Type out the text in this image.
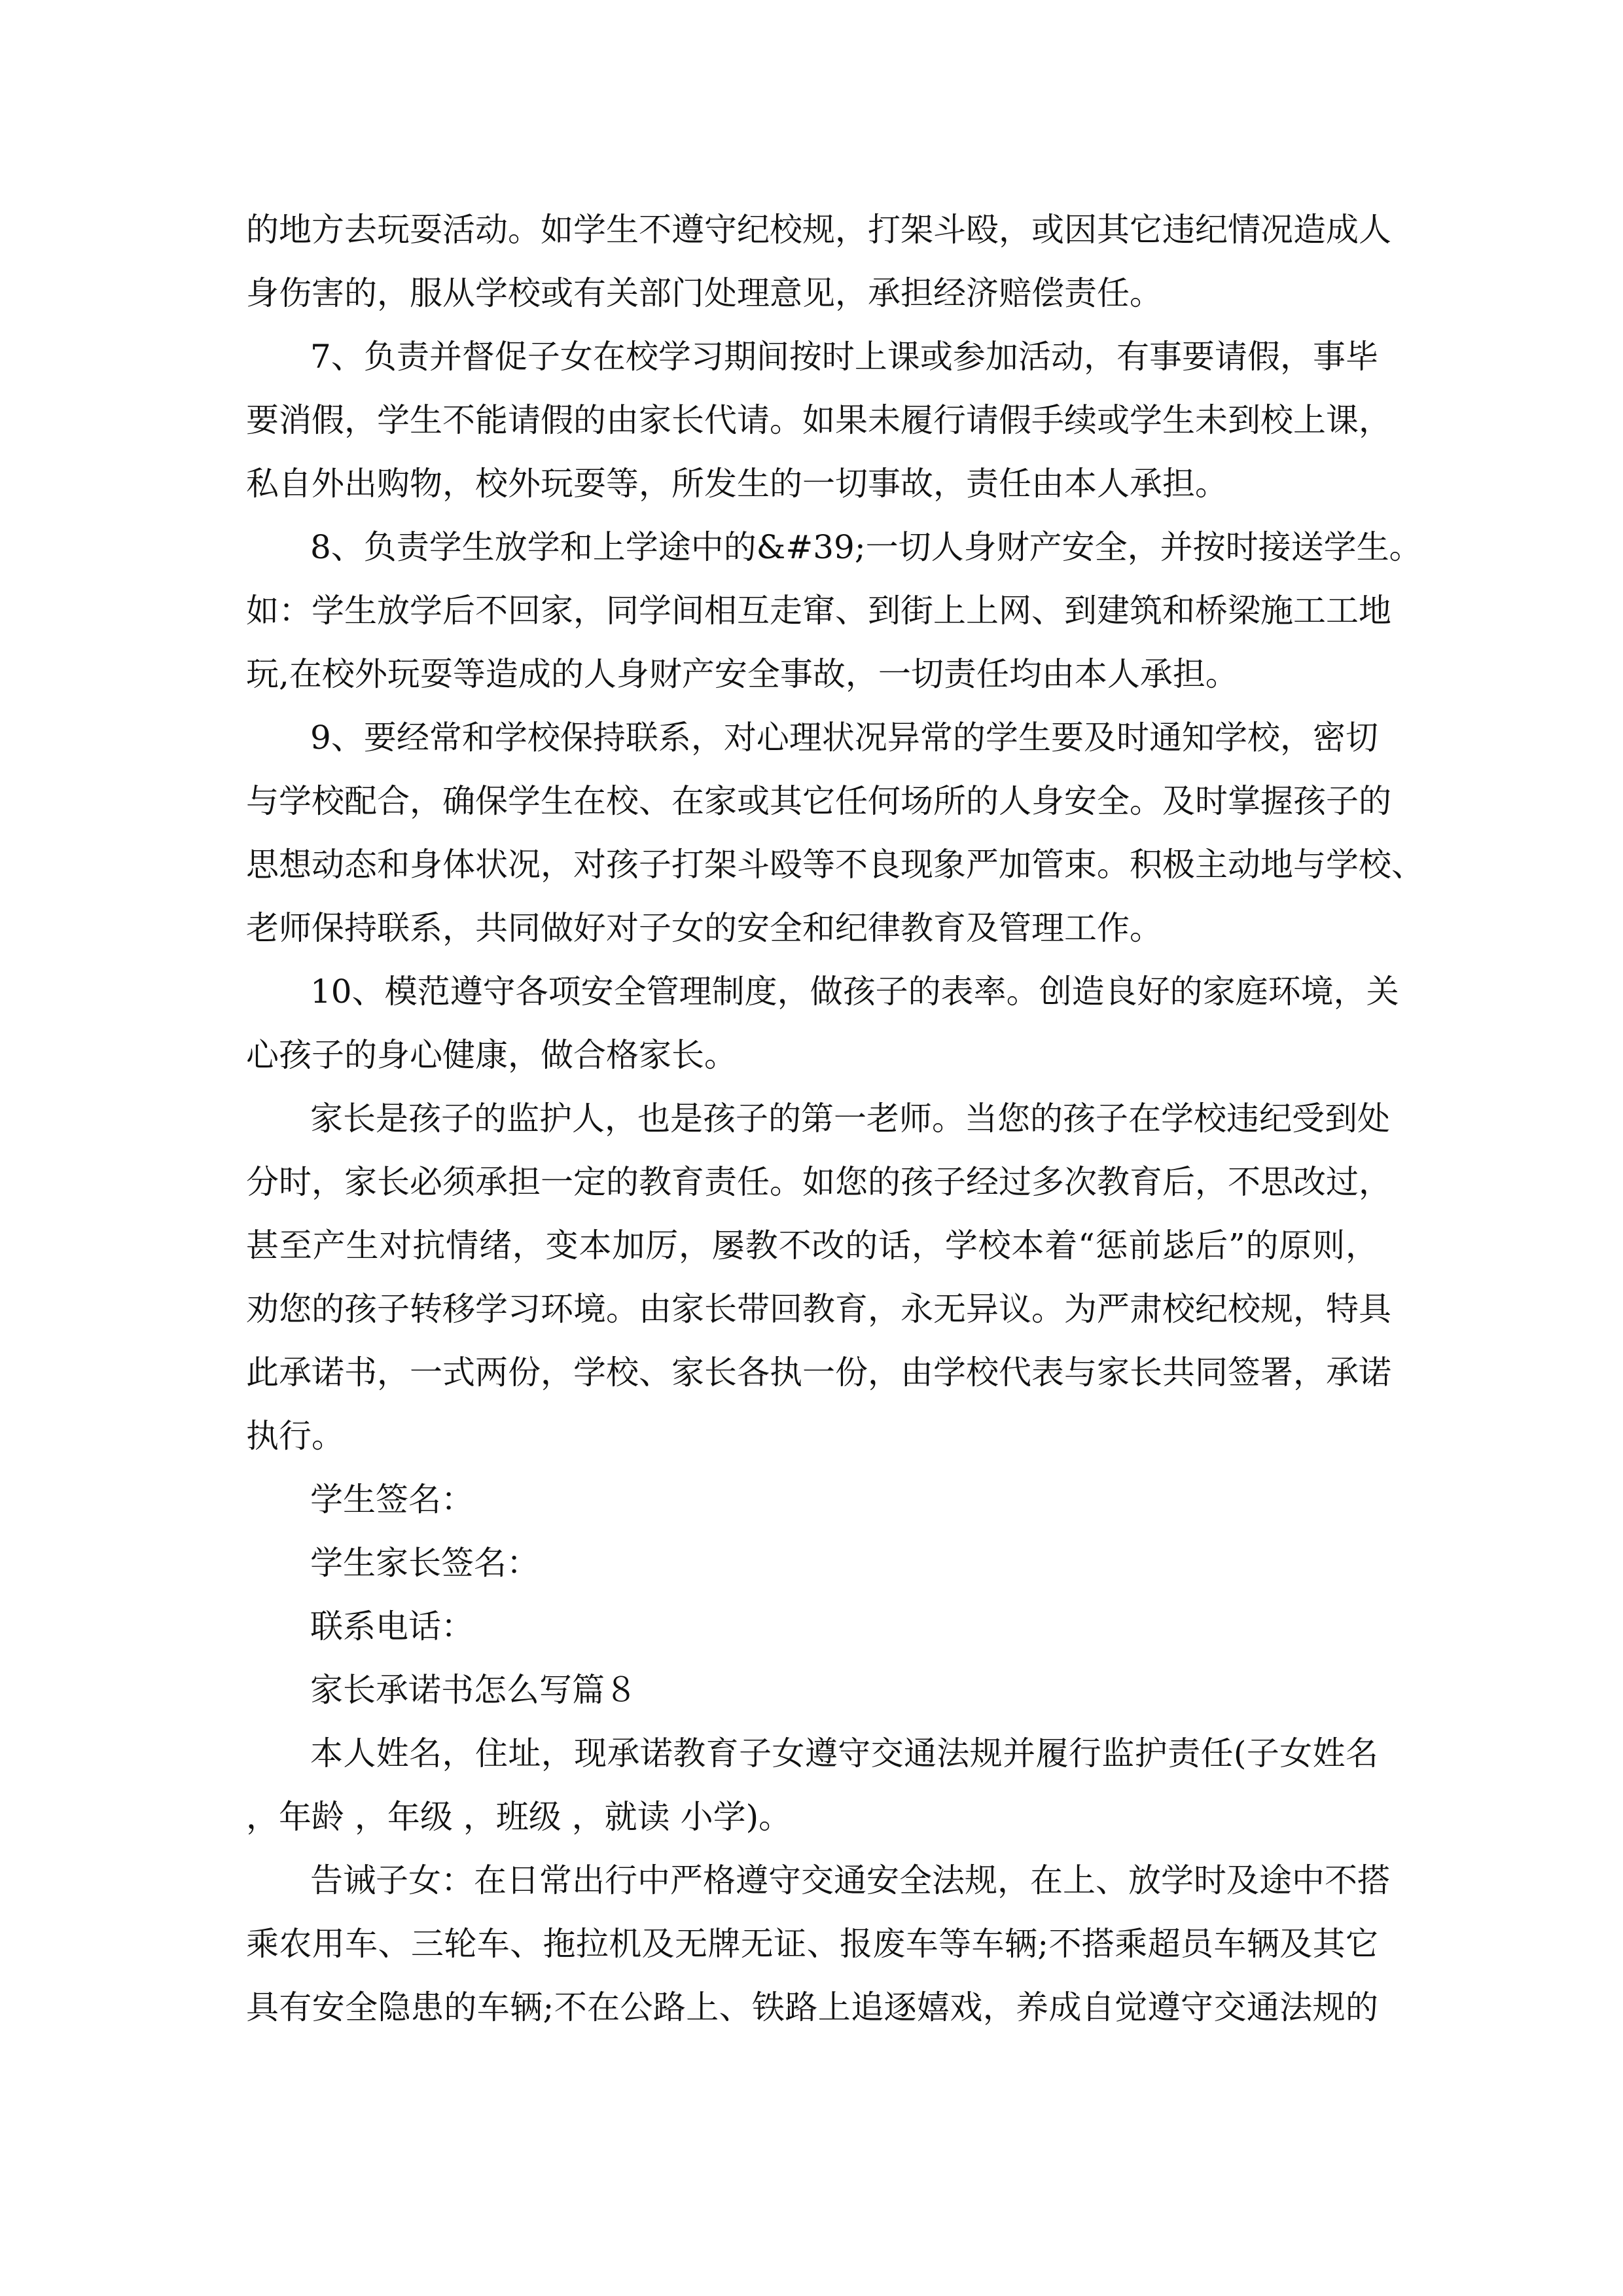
的地方去玩耍活动。如学生不遵守纪校规，打架斗殴，或因其它违纪情况造成人
身伤害的，服从学校或有关部门处理意见，承担经济赔偿责任。
7、负责并督促子女在校学习期间按时上课或参加活动，有事要请假，事毕
要消假，学生不能请假的由家长代请。如果未履行请假手续或学生未到校上课，
私自外出购物，校外玩耍等，所发生的一切事故，责任由本人承担。
8、负责学生放学和上学途中的&#39;一切人身财产安全，并按时接送学生。
如：学生放学后不回家，同学间相互走窜、到街上上网、到建筑和桥梁施工工地
玩,在校外玩耍等造成的人身财产安全事故，一切责任均由本人承担。
9、要经常和学校保持联系，对心理状况异常的学生要及时通知学校，密切
与学校配合，确保学生在校、在家或其它任何场所的人身安全。及时掌握孩子的
思想动态和身体状况，对孩子打架斗殴等不良现象严加管束。积极主动地与学校、
老师保持联系，共同做好对子女的安全和纪律教育及管理工作。
10、模范遵守各项安全管理制度，做孩子的表率。创造良好的家庭环境，关
心孩子的身心健康，做合格家长。
家长是孩子的监护人，也是孩子的第一老师。当您的孩子在学校违纪受到处
分时，家长必须承担一定的教育责任。如您的孩子经过多次教育后，不思改过，
甚至产生对抗情绪，变本加厉，屡教不改的话，学校本着“惩前毖后”的原则，
劝您的孩子转移学习环境。由家长带回教育，永无异议。为严肃校纪校规，特具
此承诺书，一式两份，学校、家长各执一份，由学校代表与家长共同签署，承诺
执行。
学生签名：
学生家长签名：
联系电话：
家长承诺书怎么写篇８
本人姓名，住址，现承诺教育子女遵守交通法规并履行监护责任(子女姓名
，年龄 ，年级 ，班级 ，就读 小学)。
告诫子女：在日常出行中严格遵守交通安全法规，在上、放学时及途中不搭
乘农用车、三轮车、拖拉机及无牌无证、报废车等车辆;不搭乘超员车辆及其它
具有安全隐患的车辆;不在公路上、铁路上追逐嬉戏，养成自觉遵守交通法规的
